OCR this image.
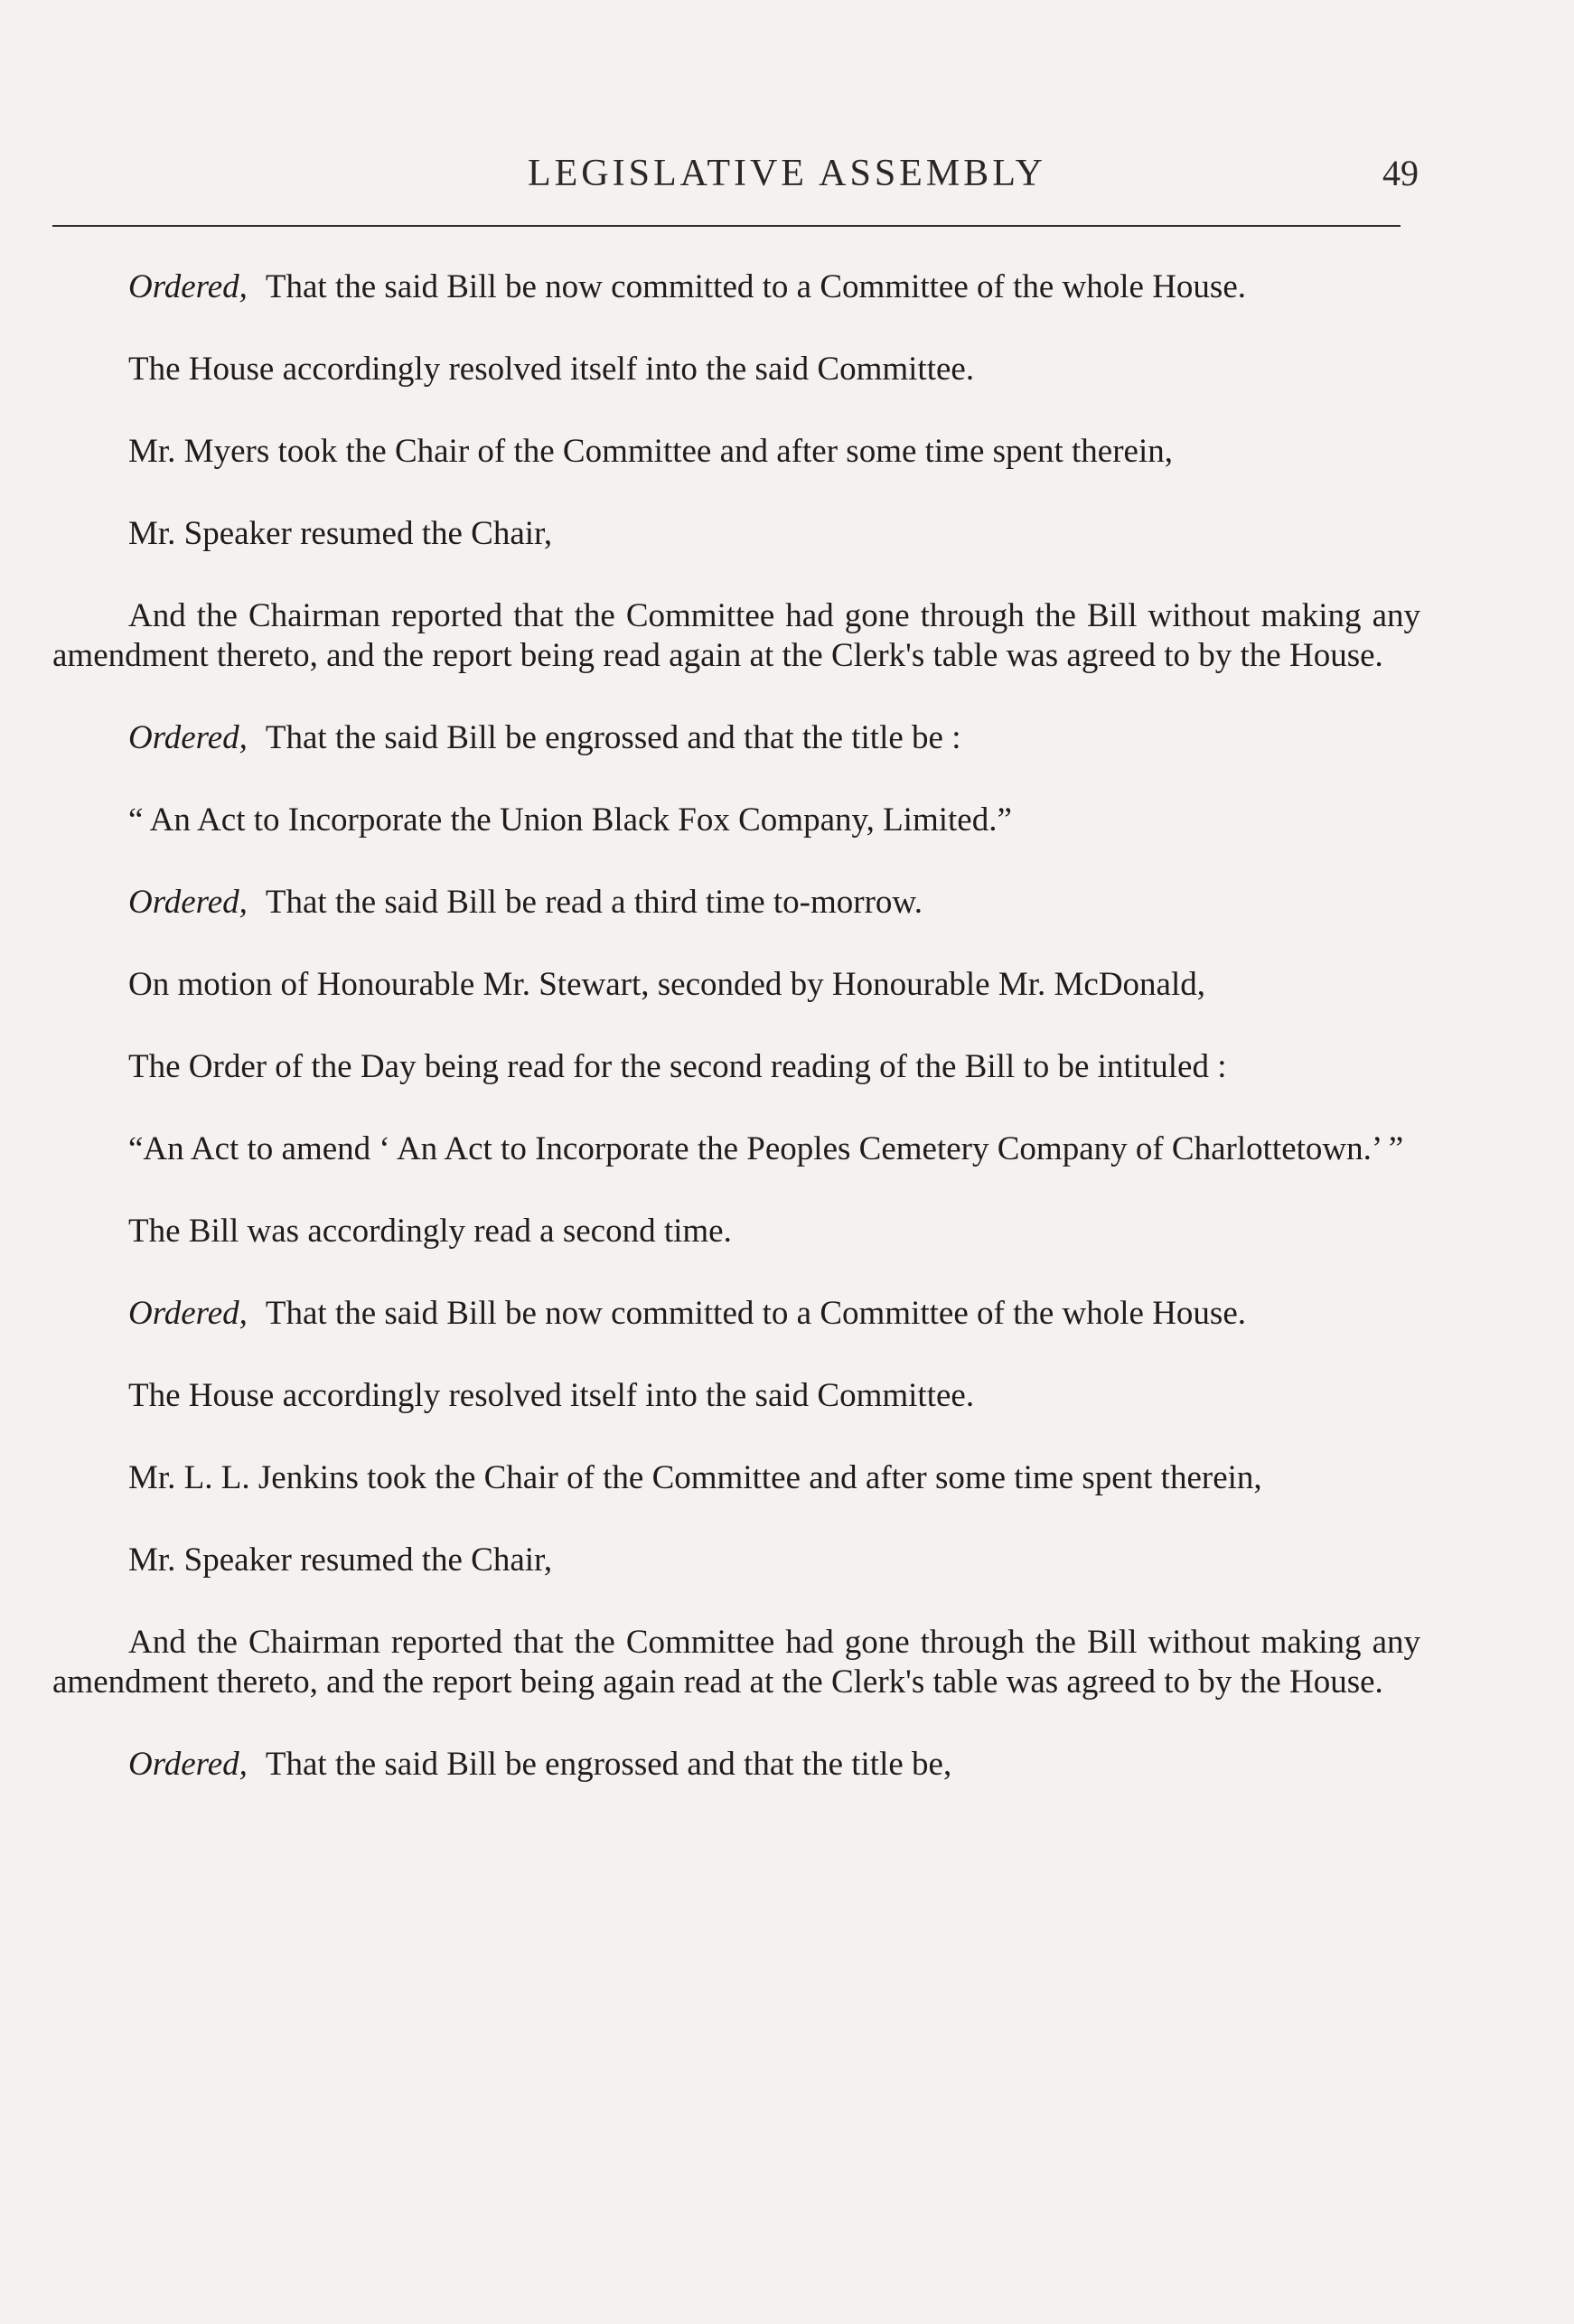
LEGISLATIVE ASSEMBLY	49

Ordered, That the said Bill be now committed to a Committee of the whole House.

The House accordingly resolved itself into the said Committee.

Mr. Myers took the Chair of the Committee and after some time spent therein,

Mr. Speaker resumed the Chair,

And the Chairman reported that the Committee had gone through the Bill without making any amendment thereto, and the report being read again at the Clerk's table was agreed to by the House.

Ordered, That the said Bill be engrossed and that the title be :

“ An Act to Incorporate the Union Black Fox Company, Limited.”

Ordered, That the said Bill be read a third time to-morrow.

On motion of Honourable Mr. Stewart, seconded by Honourable Mr. McDonald,

The Order of the Day being read for the second reading of the Bill to be intituled :

“An Act to amend ‘ An Act to Incorporate the Peoples Cemetery Company of Charlottetown.’ ”

The Bill was accordingly read a second time.

Ordered, That the said Bill be now committed to a Committee of the whole House.

The House accordingly resolved itself into the said Committee.

Mr. L. L. Jenkins took the Chair of the Committee and after some time spent therein,

Mr. Speaker resumed the Chair,

And the Chairman reported that the Committee had gone through the Bill without making any amendment thereto, and the report being again read at the Clerk's table was agreed to by the House.

Ordered, That the said Bill be engrossed and that the title be,
